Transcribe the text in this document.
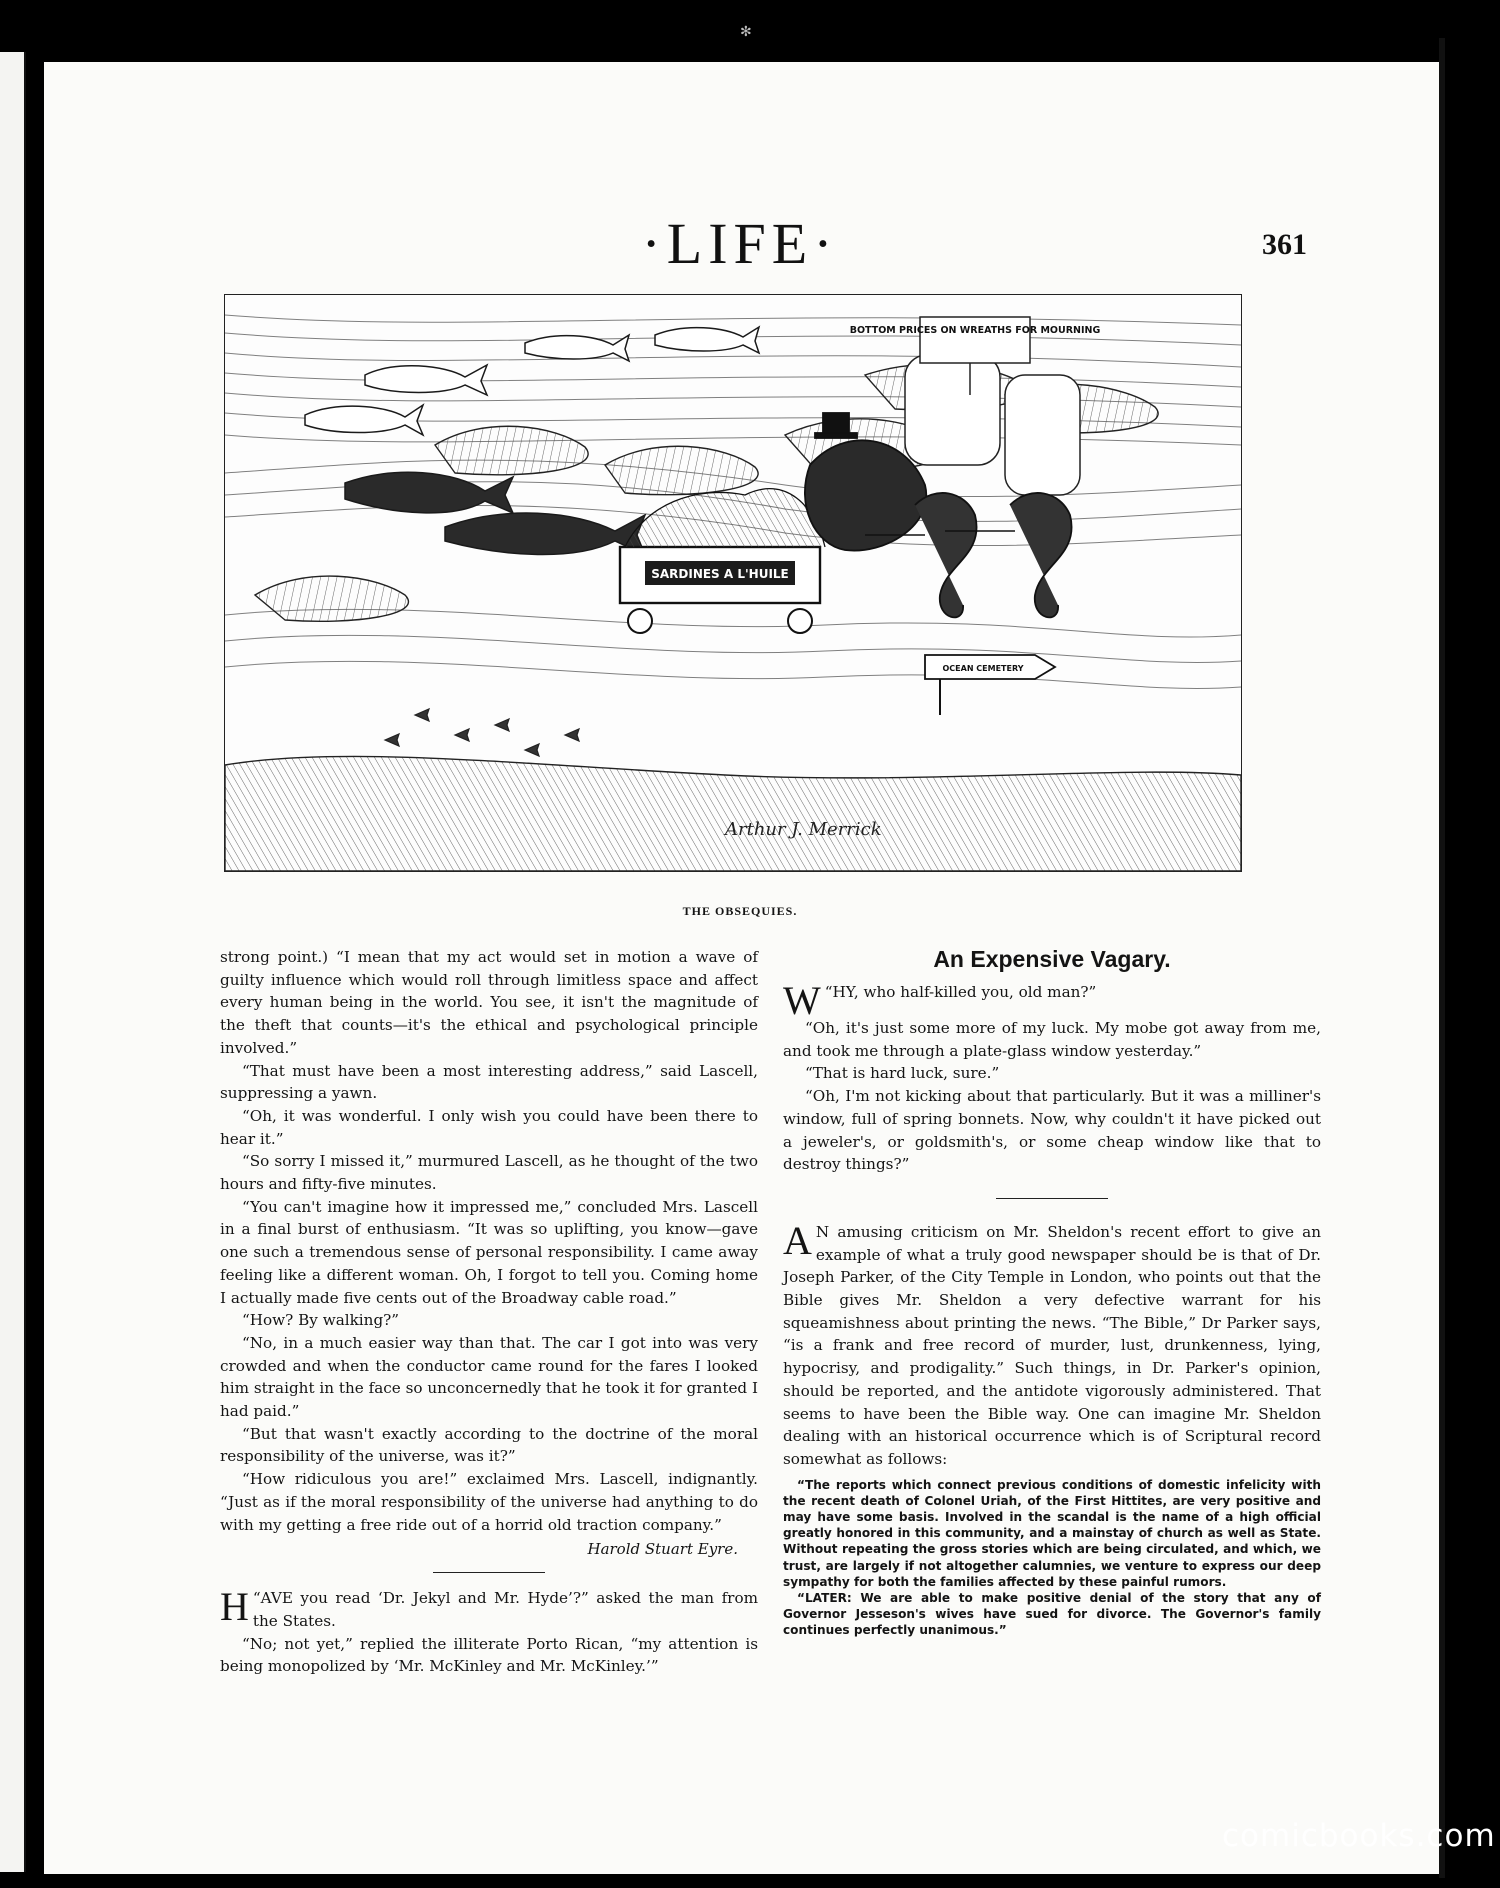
✻
·LIFE·	361
BOTTOM PRICES ON WREATHS FOR MOURNING
SARDINES A L'HUILE
OCEAN CEMETERY
Arthur J. Merrick
THE OBSEQUIES.

strong point.) “I mean that my act would set in motion a wave of guilty influence which would roll through limitless space and affect every human being in the world. You see, it isn't the magnitude of the theft that counts—it's the ethical and psychological principle involved.”

“That must have been a most interesting address,” said Lascell, suppressing a yawn.

“Oh, it was wonderful. I only wish you could have been there to hear it.”

“So sorry I missed it,” murmured Lascell, as he thought of the two hours and fifty-five minutes.

“You can't imagine how it impressed me,” concluded Mrs. Lascell in a final burst of enthusiasm. “It was so uplifting, you know—gave one such a tremendous sense of personal responsibility. I came away feeling like a different woman. Oh, I forgot to tell you. Coming home I actually made five cents out of the Broadway cable road.”

“How? By walking?”

“No, in a much easier way than that. The car I got into was very crowded and when the conductor came round for the fares I looked him straight in the face so unconcernedly that he took it for granted I had paid.”

“But that wasn't exactly according to the doctrine of the moral responsibility of the universe, was it?”

“How ridiculous you are!” exclaimed Mrs. Lascell, indignantly. “Just as if the moral responsibility of the universe had anything to do with my getting a free ride out of a horrid old traction company.”

Harold Stuart Eyre.

“
H AVE you read ‘Dr. Jekyl and Mr. Hyde’?” asked the man from the States.

“No; not yet,” replied the illiterate Porto Rican, “my attention is being monopolized by ‘Mr. McKinley and Mr. McKinley.’”

An Expensive Vagary.

“
W HY, who half-killed you, old man?”

“Oh, it's just some more of my luck. My mobe got away from me, and took me through a plate-glass window yesterday.”

“That is hard luck, sure.”

“Oh, I'm not kicking about that particularly. But it was a milliner's window, full of spring bonnets. Now, why couldn't it have picked out a jeweler's, or goldsmith's, or some cheap window like that to destroy things?”

A N amusing criticism on Mr. Sheldon's recent effort to give an example of what a truly good newspaper should be is that of Dr. Joseph Parker, of the City Temple in London, who points out that the Bible gives Mr. Sheldon a very defective warrant for his squeamishness about printing the news. “The Bible,” Dr Parker says, “is a frank and free record of murder, lust, drunkenness, lying, hypocrisy, and prodigality.” Such things, in Dr. Parker's opinion, should be reported, and the antidote vigorously administered. That seems to have been the Bible way. One can imagine Mr. Sheldon dealing with an historical occurrence which is of Scriptural record somewhat as follows:

“The reports which connect previous conditions of domestic infelicity with the recent death of Colonel Uriah, of the First Hittites, are very positive and may have some basis. Involved in the scandal is the name of a high official greatly honored in this community, and a mainstay of church as well as State. Without repeating the gross stories which are being circulated, and which, we trust, are largely if not altogether calumnies, we venture to express our deep sympathy for both the families affected by these painful rumors.

“LATER: We are able to make positive denial of the story that any of Governor Jesseson's wives have sued for divorce. The Governor's family continues perfectly unanimous.”

comicbooks.com
